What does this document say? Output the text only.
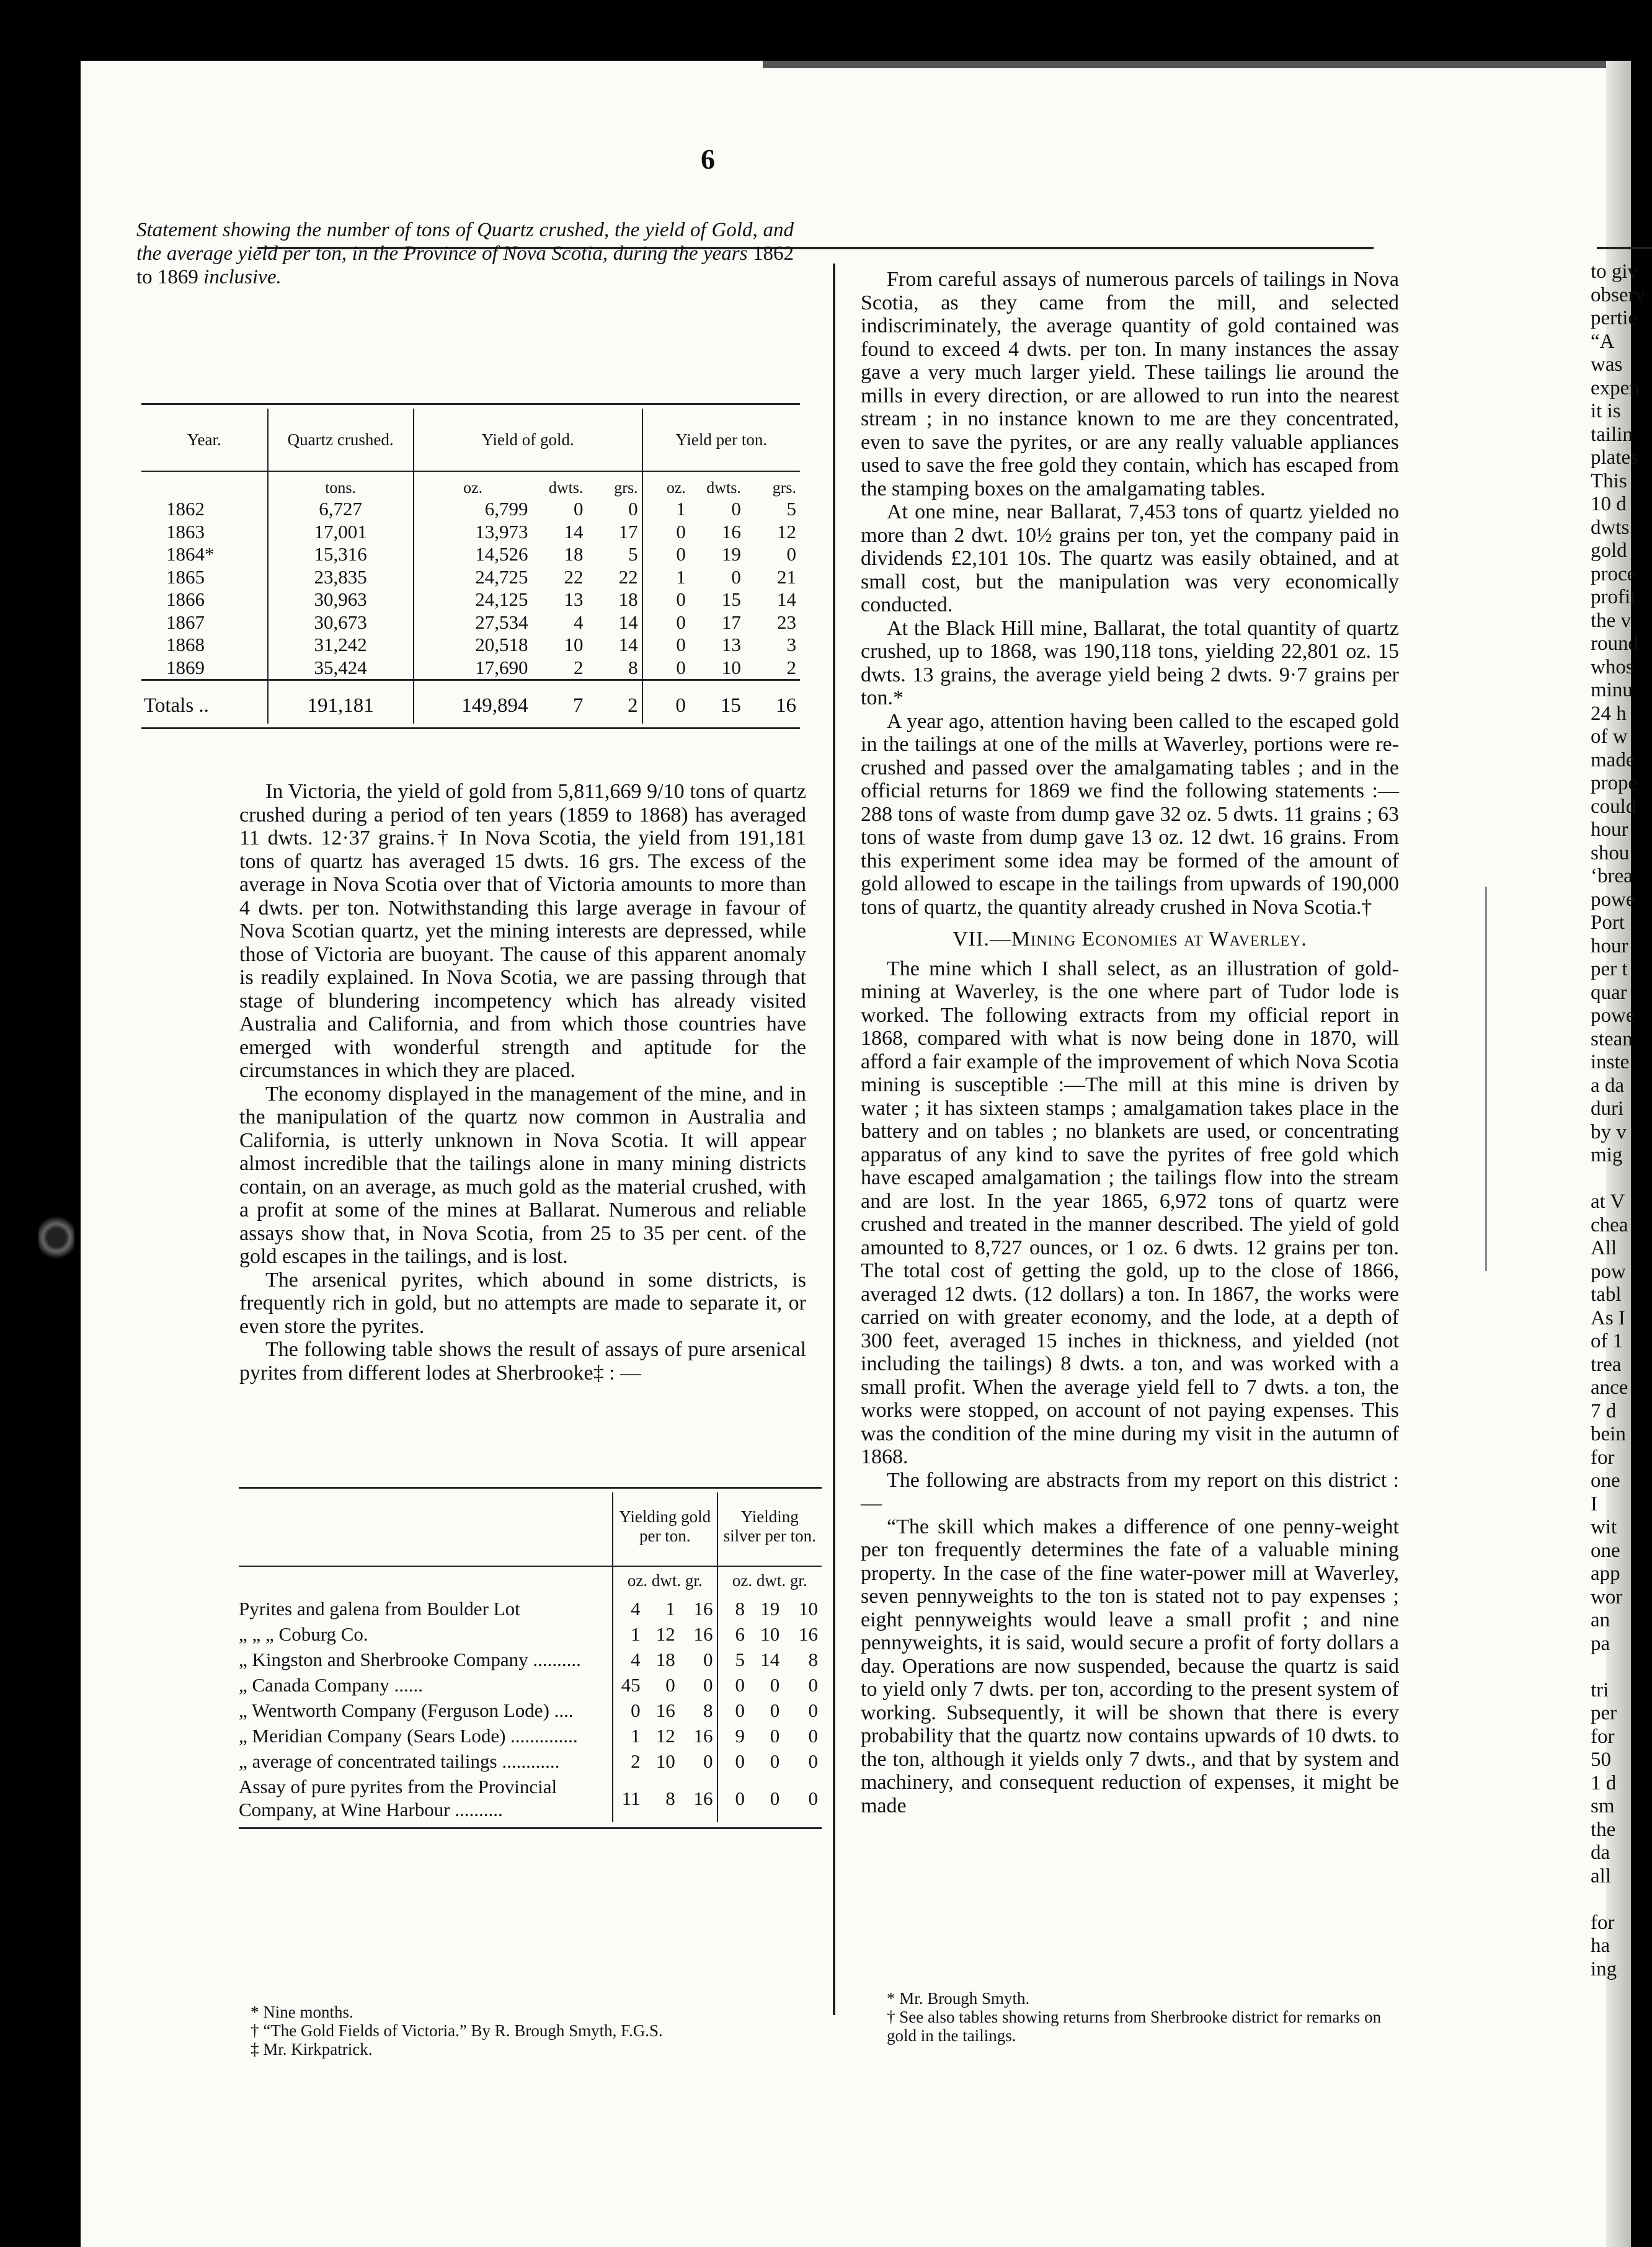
6
Statement showing the number of tons of Quartz crushed, the yield of Gold, and the average yield per ton, in the Province of Nova Scotia, during the years 1862 to 1869 inclusive.
Year.	Quartz crushed.	Yield of gold.			Yield per ton.		
	tons.	oz.	dwts.	grs.	oz.	dwts.	grs.
1862	6,727	6,799	0	0	1	0	5
1863	17,001	13,973	14	17	0	16	12
1864*	15,316	14,526	18	5	0	19	0
1865	23,835	24,725	22	22	1	0	21
1866	30,963	24,125	13	18	0	15	14
1867	30,673	27,534	4	14	0	17	23
1868	31,242	20,518	10	14	0	13	3
1869	35,424	17,690	2	8	0	10	2
Totals ..	191,181	149,894	7	2	0	15	16

In Victoria, the yield of gold from 5,811,669 9/10 tons of quartz crushed during a period of ten years (1859 to 1868) has averaged 11 dwts. 12·37 grains.† In Nova Scotia, the yield from 191,181 tons of quartz has averaged 15 dwts. 16 grs. The excess of the average in Nova Scotia over that of Victoria amounts to more than 4 dwts. per ton. Notwithstanding this large average in favour of Nova Scotian quartz, yet the mining interests are depressed, while those of Victoria are buoyant. The cause of this apparent anomaly is readily explained. In Nova Scotia, we are passing through that stage of blundering incompetency which has already visited Australia and California, and from which those countries have emerged with wonderful strength and aptitude for the circumstances in which they are placed.

The economy displayed in the management of the mine, and in the manipulation of the quartz now common in Australia and California, is utterly unknown in Nova Scotia. It will appear almost incredible that the tailings alone in many mining districts contain, on an average, as much gold as the material crushed, with a profit at some of the mines at Ballarat. Numerous and reliable assays show that, in Nova Scotia, from 25 to 35 per cent. of the gold escapes in the tailings, and is lost.

The arsenical pyrites, which abound in some districts, is frequently rich in gold, but no attempts are made to separate it, or even store the pyrites.

The following table shows the result of assays of pure arsenical pyrites from different lodes at Sherbrooke‡ : —

	Yielding gold per ton.			Yielding silver per ton.		
	oz. dwt. gr.			oz. dwt. gr.		
Pyrites and galena from Boulder Lot	4	1	16	8	19	10
„ „ „ Coburg Co.	1	12	16	6	10	16
„ Kingston and Sherbrooke Company ..........	4	18	0	5	14	8
„ Canada Company ......	45	0	0	0	0	0
„ Wentworth Company (Ferguson Lode) ....	0	16	8	0	0	0
„ Meridian Company (Sears Lode) ..............	1	12	16	9	0	0
„ average of concentrated tailings ............	2	10	0	0	0	0
Assay of pure pyrites from the Provincial Company, at Wine Harbour ..........	11	8	16	0	0	0
* Nine months.
† “The Gold Fields of Victoria.” By R. Brough Smyth, F.G.S.
‡ Mr. Kirkpatrick.

From careful assays of numerous parcels of tailings in Nova Scotia, as they came from the mill, and selected indiscriminately, the average quantity of gold contained was found to exceed 4 dwts. per ton. In many instances the assay gave a very much larger yield. These tailings lie around the mills in every direction, or are allowed to run into the nearest stream ; in no instance known to me are they concentrated, even to save the pyrites, or are any really valuable appliances used to save the free gold they contain, which has escaped from the stamping boxes on the amalgamating tables.

At one mine, near Ballarat, 7,453 tons of quartz yielded no more than 2 dwt. 10½ grains per ton, yet the company paid in dividends £2,101 10s. The quartz was easily obtained, and at small cost, but the manipulation was very economically conducted.

At the Black Hill mine, Ballarat, the total quantity of quartz crushed, up to 1868, was 190,118 tons, yielding 22,801 oz. 15 dwts. 13 grains, the average yield being 2 dwts. 9·7 grains per ton.*

A year ago, attention having been called to the escaped gold in the tailings at one of the mills at Waverley, portions were re-crushed and passed over the amalgamating tables ; and in the official returns for 1869 we find the following statements :—288 tons of waste from dump gave 32 oz. 5 dwts. 11 grains ; 63 tons of waste from dump gave 13 oz. 12 dwt. 16 grains. From this experiment some idea may be formed of the amount of gold allowed to escape in the tailings from upwards of 190,000 tons of quartz, the quantity already crushed in Nova Scotia.†

VII.—Mining Economies at Waverley.

The mine which I shall select, as an illustration of gold-mining at Waverley, is the one where part of Tudor lode is worked. The following extracts from my official report in 1868, compared with what is now being done in 1870, will afford a fair example of the improvement of which Nova Scotia mining is susceptible :—The mill at this mine is driven by water ; it has sixteen stamps ; amalgamation takes place in the battery and on tables ; no blankets are used, or concentrating apparatus of any kind to save the pyrites of free gold which have escaped amalgamation ; the tailings flow into the stream and are lost. In the year 1865, 6,972 tons of quartz were crushed and treated in the manner described. The yield of gold amounted to 8,727 ounces, or 1 oz. 6 dwts. 12 grains per ton. The total cost of getting the gold, up to the close of 1866, averaged 12 dwts. (12 dollars) a ton. In 1867, the works were carried on with greater economy, and the lode, at a depth of 300 feet, averaged 15 inches in thickness, and yielded (not including the tailings) 8 dwts. a ton, and was worked with a small profit. When the average yield fell to 7 dwts. a ton, the works were stopped, on account of not paying expenses. This was the condition of the mine during my visit in the autumn of 1868.

The following are abstracts from my report on this district :—

“The skill which makes a difference of one penny-weight per ton frequently determines the fate of a valuable mining property. In the case of the fine water-power mill at Waverley, seven pennyweights to the ton is stated not to pay expenses ; eight pennyweights would leave a small profit ; and nine pennyweights, it is said, would secure a profit of forty dollars a day. Operations are now suspended, because the quartz is said to yield only 7 dwts. per ton, according to the present system of working. Subsequently, it will be shown that there is every probability that the quartz now contains upwards of 10 dwts. to the ton, although it yields only 7 dwts., and that by system and machinery, and consequent reduction of expenses, it might be made

* Mr. Brough Smyth.
† See also tables showing returns from Sherbrooke district for remarks on gold in the tailings.
to giv
observ
pertie
“A
was
expen
it is
tailin
plates
This
10 d
dwts.
gold
proce
profit
the v
round
whos
minu
24 h
of w
made
prope
could
hour
shou
‘brea
powe
Port
hour
per t
quar
powe
stean
inste
a da
duri
by v
mig

at V
chea
All
pow
tabl
As I
of 1
trea
ance
7 d
bein
for
one
I
wit
one
app
wor
an
pa

tri
per
for
50
1 d
sm
the
da
all

for
ha
ing
